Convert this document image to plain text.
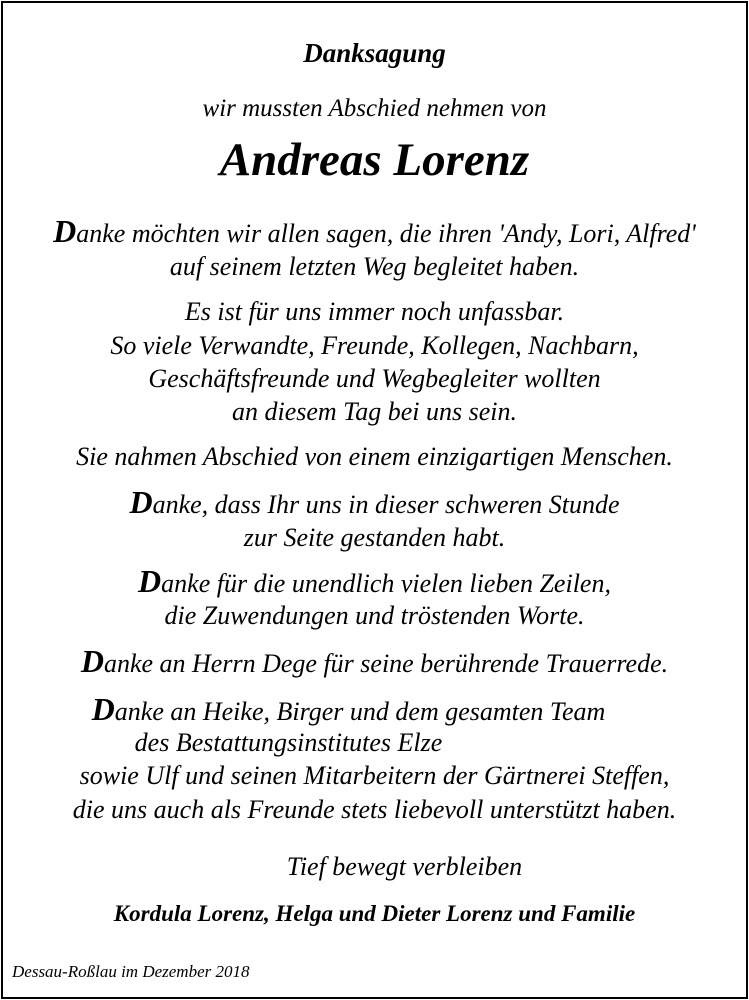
Danksagung
wir mussten Abschied nehmen von
Andreas Lorenz
Danke möchten wir allen sagen, die ihren 'Andy, Lori, Alfred'
auf seinem letzten Weg begleitet haben.
Es ist für uns immer noch unfassbar.
So viele Verwandte, Freunde, Kollegen, Nachbarn,
Geschäftsfreunde und Wegbegleiter wollten
an diesem Tag bei uns sein.
Sie nahmen Abschied von einem einzigartigen Menschen.
Danke, dass Ihr uns in dieser schweren Stunde
zur Seite gestanden habt.
Danke für die unendlich vielen lieben Zeilen,
die Zuwendungen und tröstenden Worte.
Danke an Herrn Dege für seine berührende Trauerrede.
Danke an Heike, Birger und dem gesamten Team
des Bestattungsinstitutes Elze
sowie Ulf und seinen Mitarbeitern der Gärtnerei Steffen,
die uns auch als Freunde stets liebevoll unterstützt haben.
Tief bewegt verbleiben
Kordula Lorenz, Helga und Dieter Lorenz und Familie
Dessau-Roßlau im Dezember 2018
